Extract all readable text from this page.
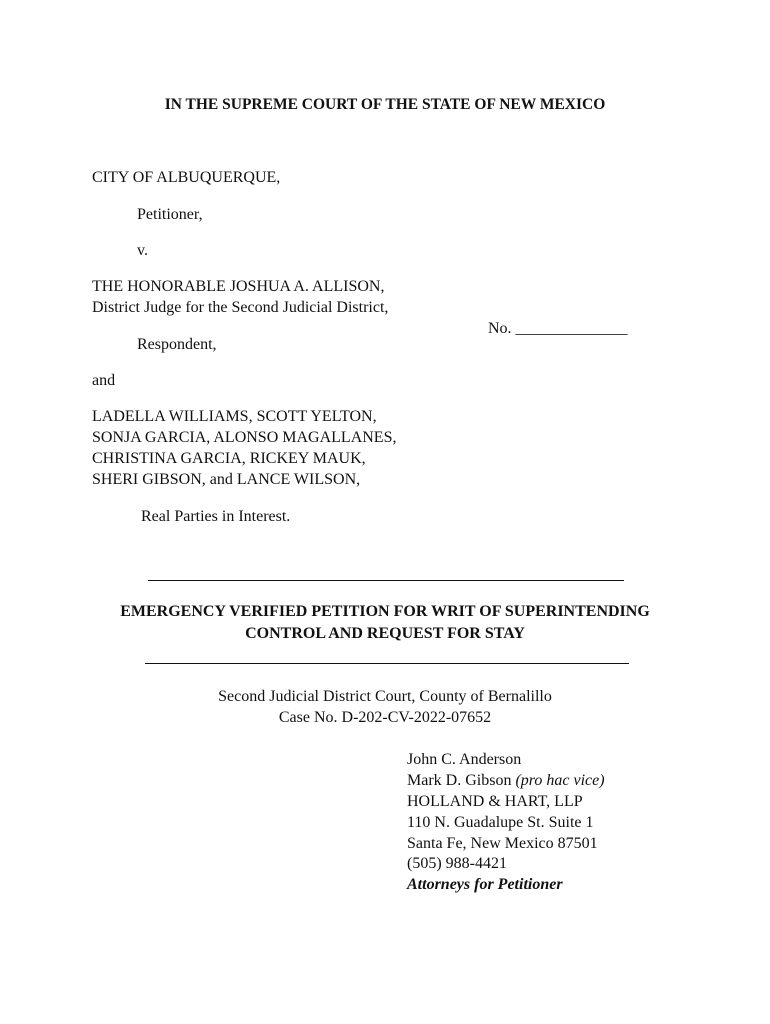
IN THE SUPREME COURT OF THE STATE OF NEW MEXICO
CITY OF ALBUQUERQUE,
Petitioner,
v.
THE HONORABLE JOSHUA A. ALLISON,
District Judge for the Second Judicial District,
No. ______________
Respondent,
and
LADELLA WILLIAMS, SCOTT YELTON,
SONJA GARCIA, ALONSO MAGALLANES,
CHRISTINA GARCIA, RICKEY MAUK,
SHERI GIBSON, and LANCE WILSON,
Real Parties in Interest.
EMERGENCY VERIFIED PETITION FOR WRIT OF SUPERINTENDING
CONTROL AND REQUEST FOR STAY
Second Judicial District Court, County of Bernalillo
Case No. D-202-CV-2022-07652
John C. Anderson
Mark D. Gibson (pro hac vice)
HOLLAND & HART, LLP
110 N. Guadalupe St. Suite 1
Santa Fe, New Mexico 87501
(505) 988-4421
Attorneys for Petitioner
